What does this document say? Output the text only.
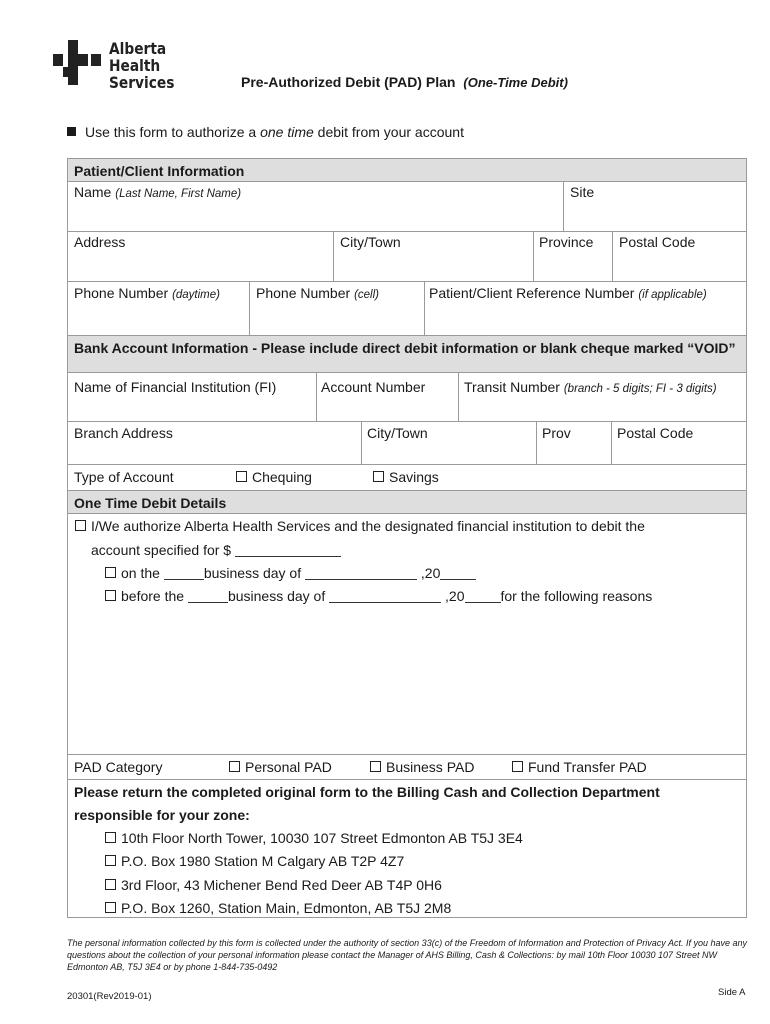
Alberta Health
Services	Pre-Authorized Debit (PAD) Plan (One-Time Debit)
Use this form to authorize a one time debit from your account
Patient/Client Information
Name (Last Name, First Name)	Site
Address	City/Town	Province Postal Code
Phone Number (daytime)	Phone Number (cell)	Patient/Client Reference Number (if applicable)
Bank Account Information - Please include direct debit information or blank cheque marked “VOID”
Name of Financial Institution (FI)	Account Number	Transit Number (branch - 5 digits; FI - 3 digits)
Branch Address	City/Town	Prov	Postal Code
Type of Account	Chequing	Savings
One Time Debit Details
I/We authorize Alberta Health Services and the designated financial institution to debit the
account specified for $
on the	business day of	,20
before the	business day of	,20	for the following reasons
PAD Category	Personal PAD	Business PAD	Fund Transfer PAD
Please return the completed original form to the Billing Cash and Collection Department
responsible for your zone:
10th Floor North Tower, 10030 107 Street Edmonton AB T5J 3E4
P.O. Box 1980 Station M Calgary AB T2P 4Z7
3rd Floor, 43 Michener Bend Red Deer AB T4P 0H6
P.O. Box 1260, Station Main, Edmonton, AB T5J 2M8
The personal information collected by this form is collected under the authority of section 33(c) of the Freedom of Information and Protection of Privacy Act. If you have any questions about the collection of your personal information please contact the Manager of AHS Billing, Cash & Collections: by mail 10th Floor 10030 107 Street NW Edmonton AB, T5J 3E4 or by phone 1-844-735-0492
20301(Rev2019-01)	Side A
